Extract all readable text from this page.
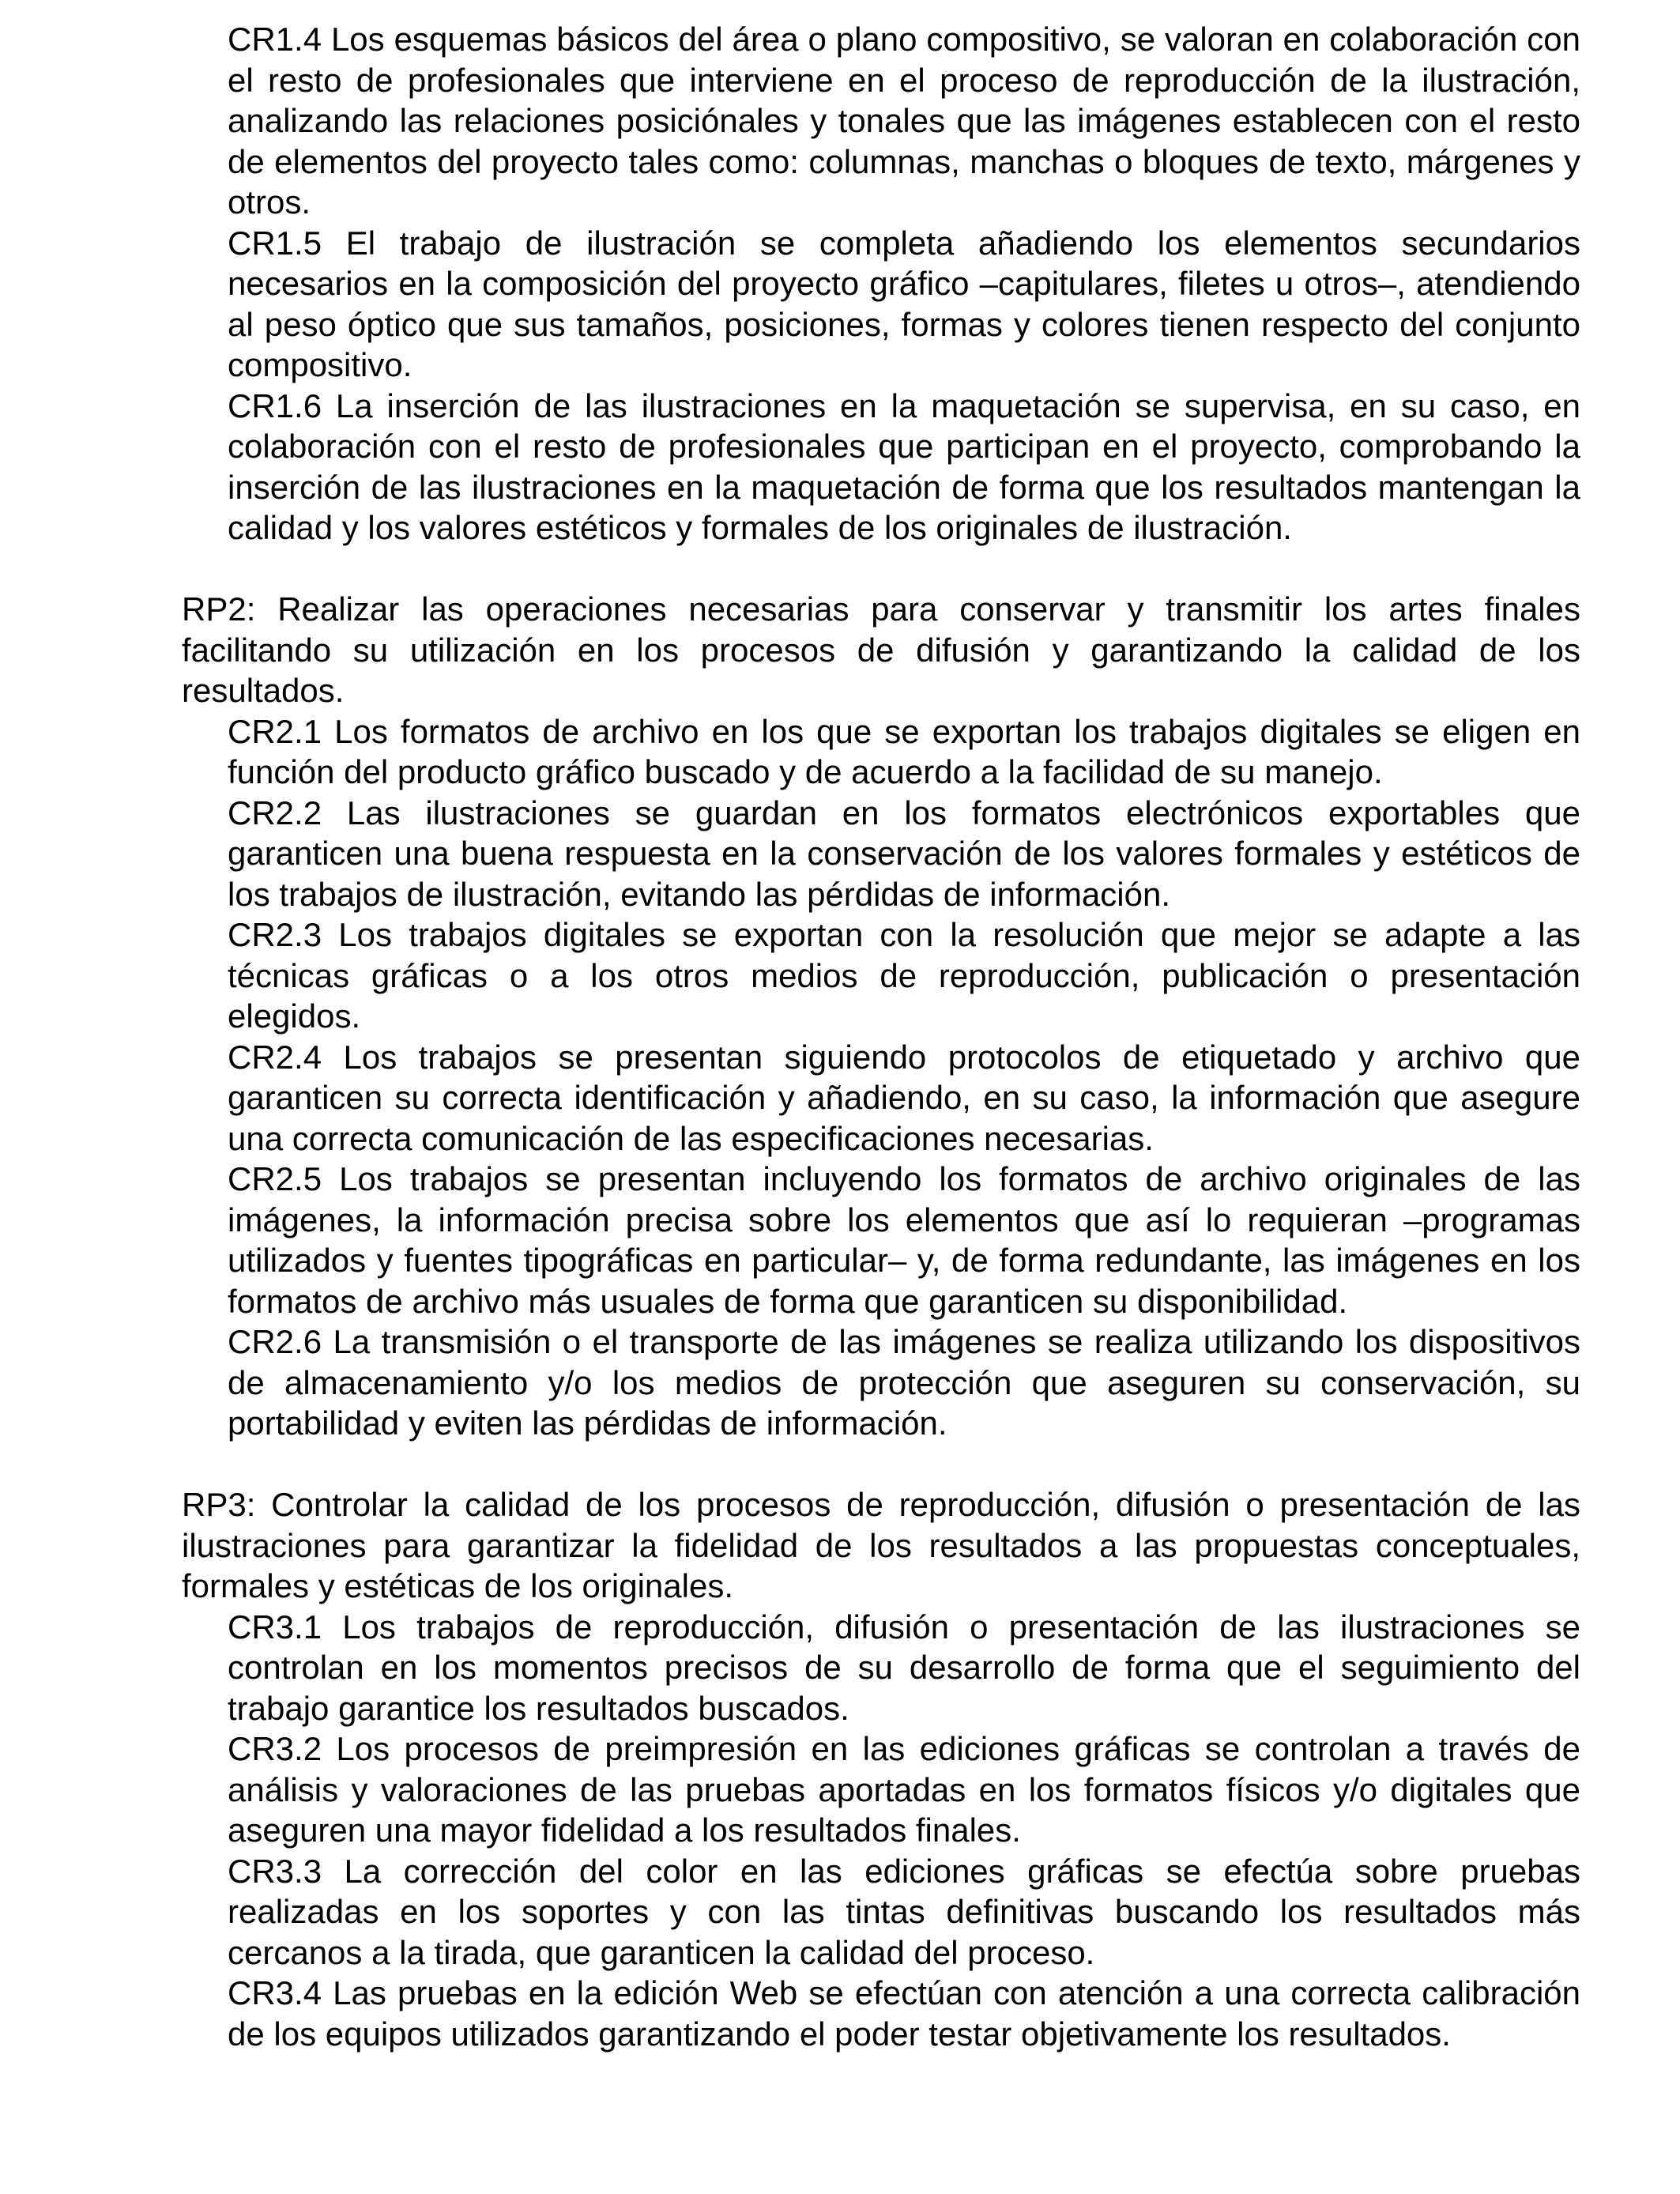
CR1.4 Los esquemas básicos del área o plano compositivo, se valoran en colaboración con el resto de profesionales que interviene en el proceso de reproducción de la ilustración, analizando las relaciones posiciónales y tonales que las imágenes establecen con el resto de elementos del proyecto tales como: columnas, manchas o bloques de texto, márgenes y otros.

CR1.5 El trabajo de ilustración se completa añadiendo los elementos secundarios necesarios en la composición del proyecto gráfico –capitulares, filetes u otros–, atendiendo al peso óptico que sus tamaños, posiciones, formas y colores tienen respecto del conjunto compositivo.

CR1.6 La inserción de las ilustraciones en la maquetación se supervisa, en su caso, en colaboración con el resto de profesionales que participan en el proyecto, comprobando la inserción de las ilustraciones en la maquetación de forma que los resultados mantengan la calidad y los valores estéticos y formales de los originales de ilustración.

RP2: Realizar las operaciones necesarias para conservar y transmitir los artes finales facilitando su utilización en los procesos de difusión y garantizando la calidad de los resultados.

CR2.1 Los formatos de archivo en los que se exportan los trabajos digitales se eligen en función del producto gráfico buscado y de acuerdo a la facilidad de su manejo.

CR2.2 Las ilustraciones se guardan en los formatos electrónicos exportables que garanticen una buena respuesta en la conservación de los valores formales y estéticos de los trabajos de ilustración, evitando las pérdidas de información.

CR2.3 Los trabajos digitales se exportan con la resolución que mejor se adapte a las técnicas gráficas o a los otros medios de reproducción, publicación o presentación elegidos.

CR2.4 Los trabajos se presentan siguiendo protocolos de etiquetado y archivo que garanticen su correcta identificación y añadiendo, en su caso, la información que asegure una correcta comunicación de las especificaciones necesarias.

CR2.5 Los trabajos se presentan incluyendo los formatos de archivo originales de las imágenes, la información precisa sobre los elementos que así lo requieran –programas utilizados y fuentes tipográficas en particular– y, de forma redundante, las imágenes en los formatos de archivo más usuales de forma que garanticen su disponibilidad.

CR2.6 La transmisión o el transporte de las imágenes se realiza utilizando los dispositivos de almacenamiento y/o los medios de protección que aseguren su conservación, su portabilidad y eviten las pérdidas de información.

RP3: Controlar la calidad de los procesos de reproducción, difusión o presentación de las ilustraciones para garantizar la fidelidad de los resultados a las propuestas conceptuales, formales y estéticas de los originales.

CR3.1 Los trabajos de reproducción, difusión o presentación de las ilustraciones se controlan en los momentos precisos de su desarrollo de forma que el seguimiento del trabajo garantice los resultados buscados.

CR3.2 Los procesos de preimpresión en las ediciones gráficas se controlan a través de análisis y valoraciones de las pruebas aportadas en los formatos físicos y/o digitales que aseguren una mayor fidelidad a los resultados finales.

CR3.3 La corrección del color en las ediciones gráficas se efectúa sobre pruebas realizadas en los soportes y con las tintas definitivas buscando los resultados más cercanos a la tirada, que garanticen la calidad del proceso.

CR3.4 Las pruebas en la edición Web se efectúan con atención a una correcta calibración de los equipos utilizados garantizando el poder testar objetivamente los resultados.
